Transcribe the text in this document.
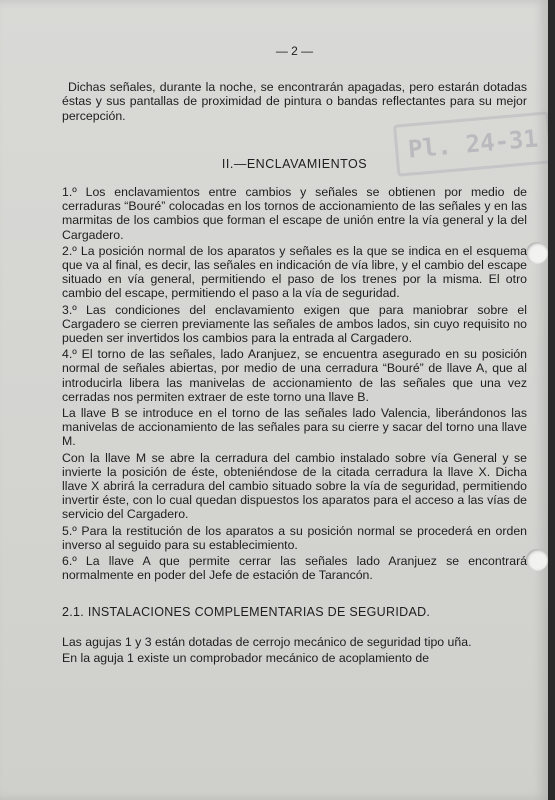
Pl. 24-31
— 2 —

Dichas señales, durante la noche, se encontrarán apagadas, pero estarán dotadas éstas y sus pantallas de proximidad de pintura o bandas reflectantes para su mejor percepción.

II.—ENCLAVAMIENTOS

1.º Los enclavamientos entre cambios y señales se obtienen por medio de cerraduras “Bouré” colocadas en los tornos de accionamiento de las señales y en las marmitas de los cambios que forman el escape de unión entre la vía general y la del Cargadero.

2.º La posición normal de los aparatos y señales es la que se indica en el esquema que va al final, es decir, las señales en indicación de vía libre, y el cambio del escape situado en vía general, permitiendo el paso de los trenes por la misma. El otro cambio del escape, permitiendo el paso a la vía de seguridad.

3.º Las condiciones del enclavamiento exigen que para maniobrar sobre el Cargadero se cierren previamente las señales de ambos lados, sin cuyo requisito no pueden ser invertidos los cambios para la entrada al Cargadero.

4.º El torno de las señales, lado Aranjuez, se encuentra asegurado en su posición normal de señales abiertas, por medio de una cerradura “Bouré” de llave A, que al introducirla libera las manivelas de accionamiento de las señales que una vez cerradas nos permiten extraer de este torno una llave B.

La llave B se introduce en el torno de las señales lado Valencia, liberándonos las manivelas de accionamiento de las señales para su cierre y sacar del torno una llave M.

Con la llave M se abre la cerradura del cambio instalado sobre vía General y se invierte la posición de éste, obteniéndose de la citada cerradura la llave X. Dicha llave X abrirá la cerradura del cambio situado sobre la vía de seguridad, permitiendo invertir éste, con lo cual quedan dispuestos los aparatos para el acceso a las vías de servicio del Cargadero.

5.º Para la restitución de los aparatos a su posición normal se procederá en orden inverso al seguido para su establecimiento.

6.º La llave A que permite cerrar las señales lado Aranjuez se encontrará normalmente en poder del Jefe de estación de Tarancón.

2.1. INSTALACIONES COMPLEMENTARIAS DE SEGURIDAD.

Las agujas 1 y 3 están dotadas de cerrojo mecánico de seguridad tipo uña.

En la aguja 1 existe un comprobador mecánico de acoplamiento de
